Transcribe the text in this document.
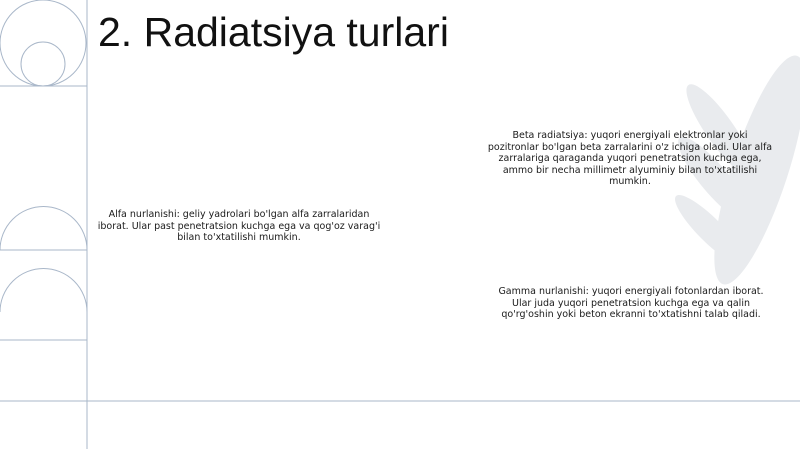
2. Radiatsiya turlari

Beta radiatsiya: yuqori energiyali elektronlar yoki pozitronlar bo'lgan beta zarralarini o'z ichiga oladi. Ular alfa zarralariga qaraganda yuqori penetratsion kuchga ega, ammo bir necha millimetr alyuminiy bilan to'xtatilishi mumkin.

Alfa nurlanishi: geliy yadrolari bo'lgan alfa zarralaridan iborat. Ular past penetratsion kuchga ega va qog'oz varag'i bilan to'xtatilishi mumkin.

Gamma nurlanishi: yuqori energiyali fotonlardan iborat. Ular juda yuqori penetratsion kuchga ega va qalin qo'rg'oshin yoki beton ekranni to'xtatishni talab qiladi.
